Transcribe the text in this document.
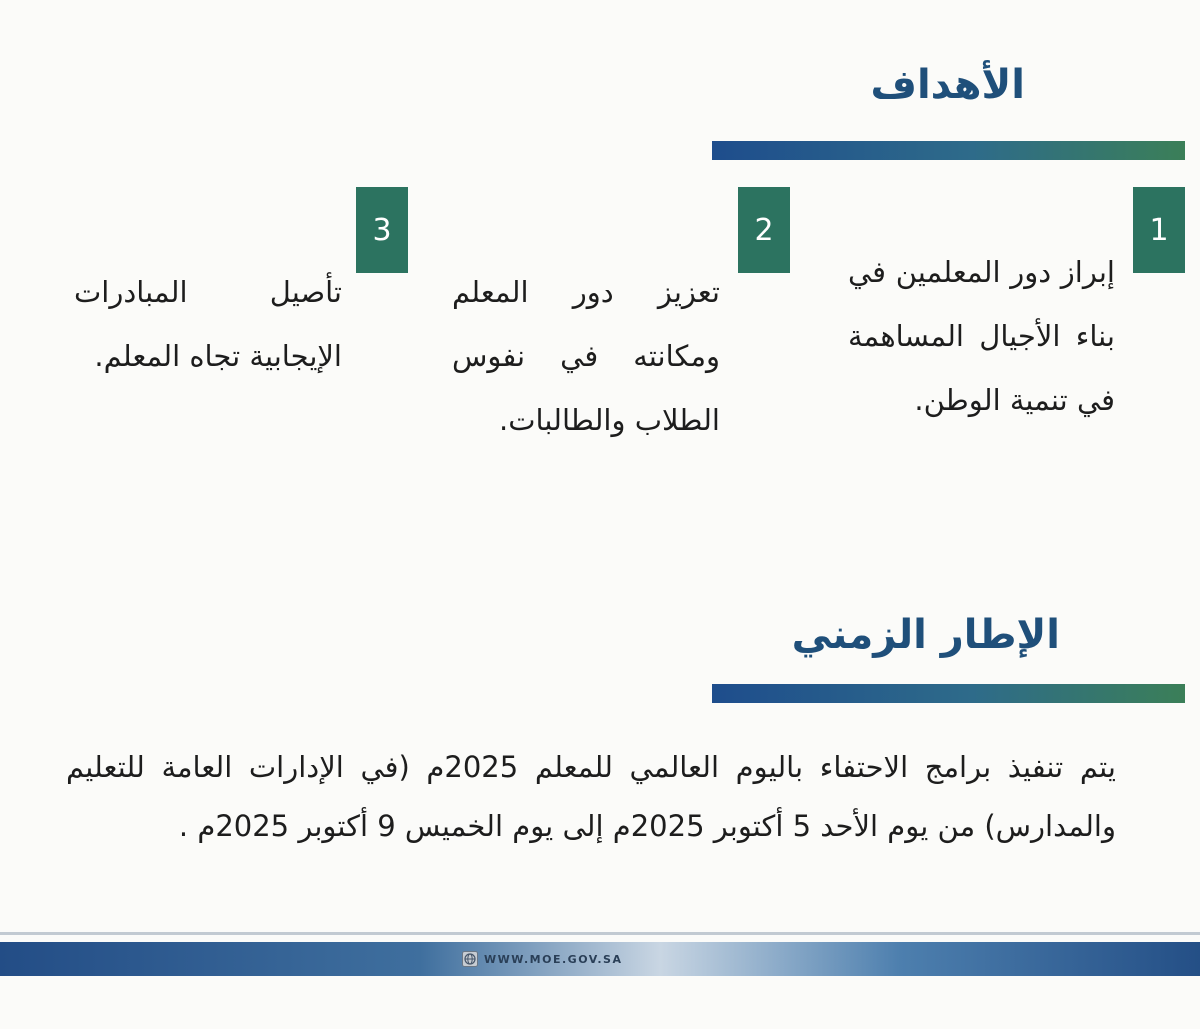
الأهداف
1
إبراز دور المعلمين في بناء الأجيال المساهمة في تنمية الوطن.
2
تعزيز دور المعلم ومكانته في نفوس الطلاب والطالبات.
3
تأصيل المبادرات الإيجابية تجاه المعلم.
الإطار الزمني
يتم تنفيذ برامج الاحتفاء باليوم العالمي للمعلم 2025م (في الإدارات العامة للتعليم والمدارس) من يوم الأحد 5 أكتوبر 2025م إلى يوم الخميس 9 أكتوبر 2025م .
WWW.MOE.GOV.SA
